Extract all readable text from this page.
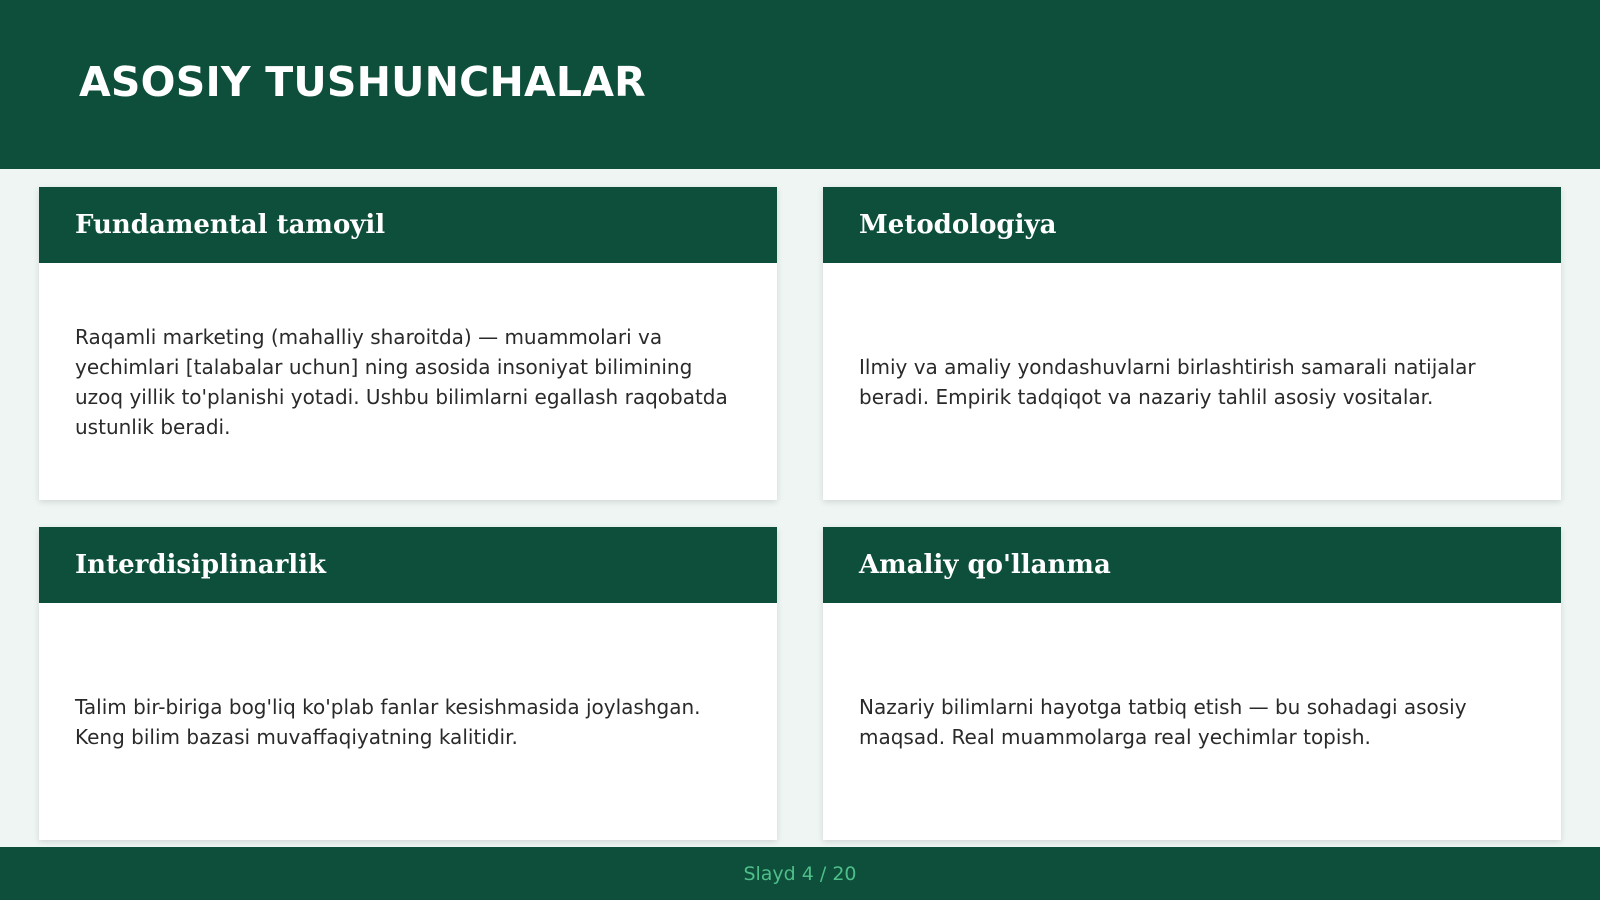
ASOSIY TUSHUNCHALAR
Fundamental tamoyil

Raqamli marketing (mahalliy sharoitda) — muammolari va yechimlari [talabalar uchun] ning asosida insoniyat bilimining uzoq yillik to'planishi yotadi. Ushbu bilimlarni egallash raqobatda ustunlik beradi.

Metodologiya

Ilmiy va amaliy yondashuvlarni birlashtirish samarali natijalar beradi. Empirik tadqiqot va nazariy tahlil asosiy vositalar.

Interdisiplinarlik

Talim bir-biriga bog'liq ko'plab fanlar kesishmasida joylashgan. Keng bilim bazasi muvaffaqiyatning kalitidir.

Amaliy qo'llanma

Nazariy bilimlarni hayotga tatbiq etish — bu sohadagi asosiy maqsad. Real muammolarga real yechimlar topish.

Slayd 4 / 20
